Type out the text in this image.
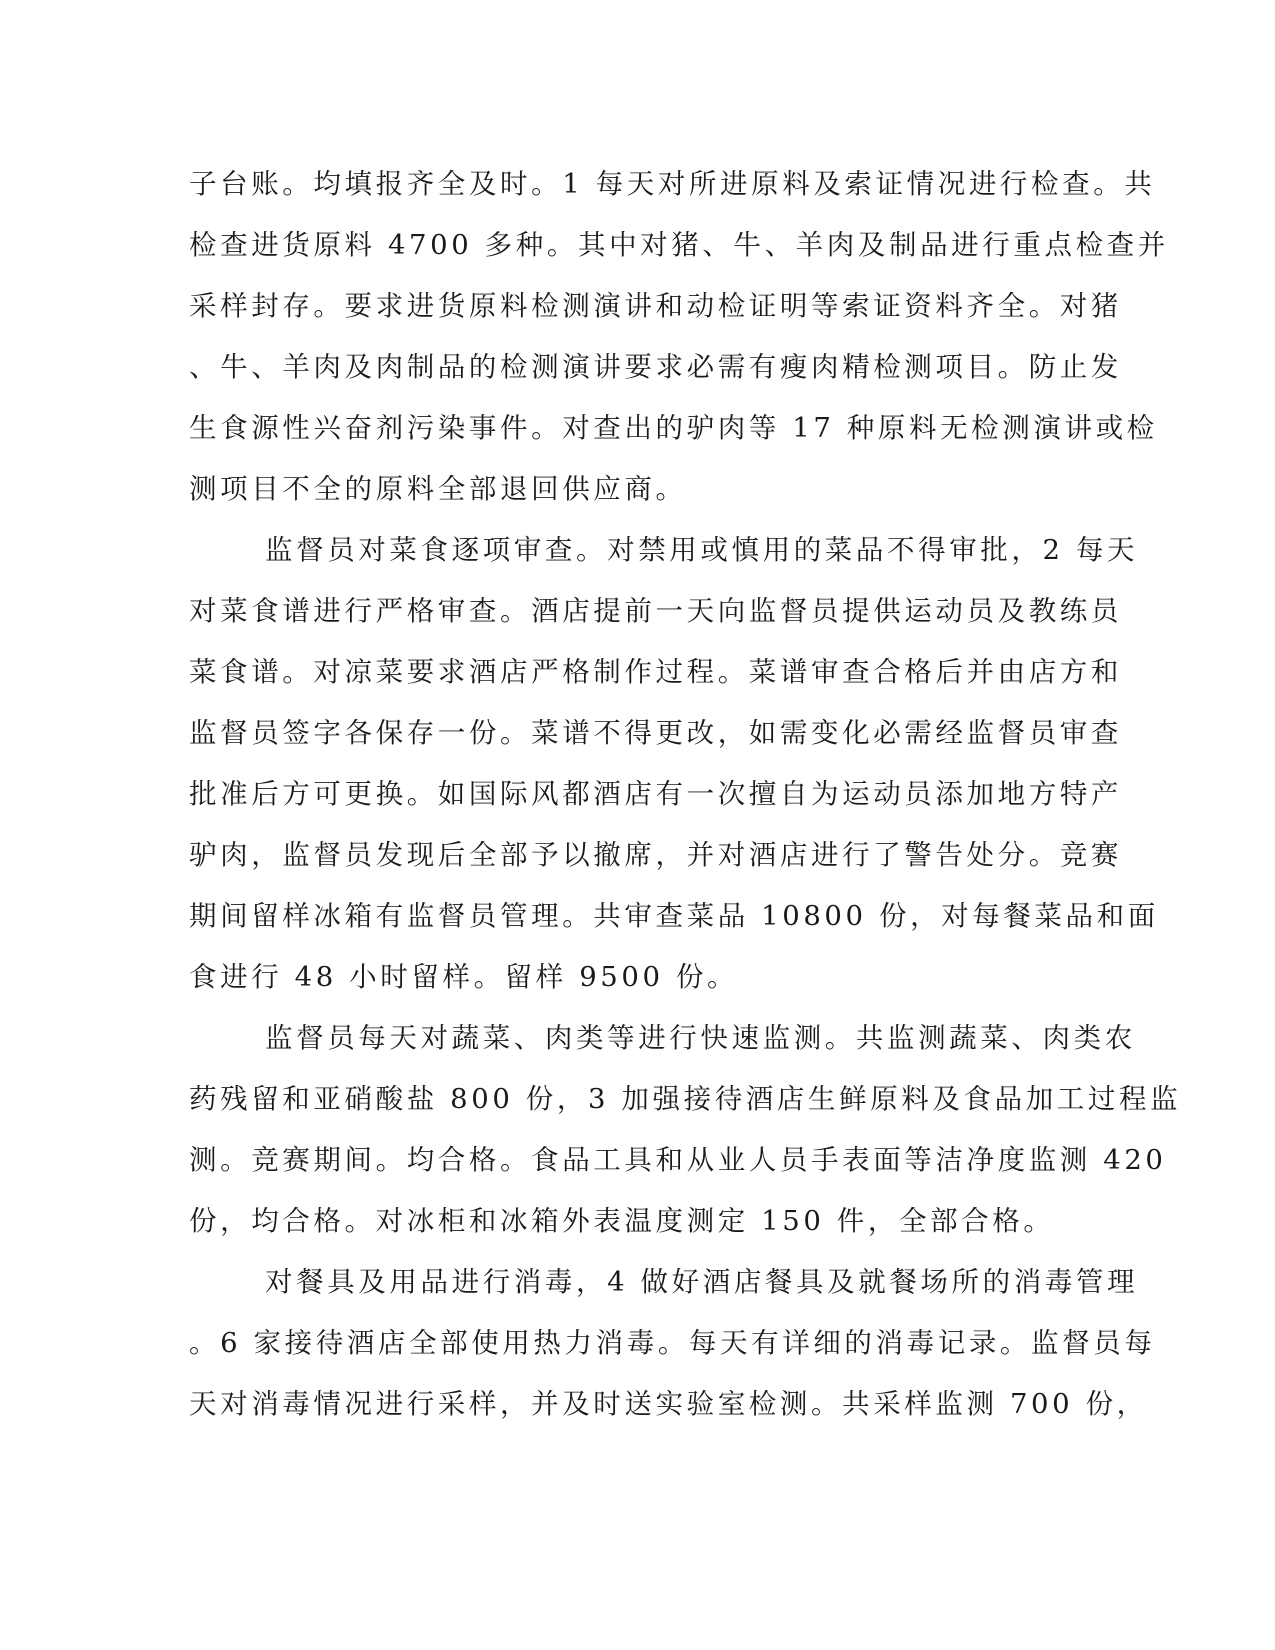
子台账。均填报齐全及时。1 每天对所进原料及索证情况进行检查。共
检查进货原料 4700 多种。其中对猪、牛、羊肉及制品进行重点检查并
采样封存。要求进货原料检测演讲和动检证明等索证资料齐全。对猪
、牛、羊肉及肉制品的检测演讲要求必需有瘦肉精检测项目。防止发
生食源性兴奋剂污染事件。对查出的驴肉等 17 种原料无检测演讲或检
测项目不全的原料全部退回供应商。
监督员对菜食逐项审查。对禁用或慎用的菜品不得审批，2 每天
对菜食谱进行严格审查。酒店提前一天向监督员提供运动员及教练员
菜食谱。对凉菜要求酒店严格制作过程。菜谱审查合格后并由店方和
监督员签字各保存一份。菜谱不得更改，如需变化必需经监督员审查
批准后方可更换。如国际风都酒店有一次擅自为运动员添加地方特产
驴肉，监督员发现后全部予以撤席，并对酒店进行了警告处分。竞赛
期间留样冰箱有监督员管理。共审查菜品 10800 份，对每餐菜品和面
食进行 48 小时留样。留样 9500 份。
监督员每天对蔬菜、肉类等进行快速监测。共监测蔬菜、肉类农
药残留和亚硝酸盐 800 份，3 加强接待酒店生鲜原料及食品加工过程监
测。竞赛期间。均合格。食品工具和从业人员手表面等洁净度监测 420
份，均合格。对冰柜和冰箱外表温度测定 150 件，全部合格。
对餐具及用品进行消毒，4 做好酒店餐具及就餐场所的消毒管理
。6 家接待酒店全部使用热力消毒。每天有详细的消毒记录。监督员每
天对消毒情况进行采样，并及时送实验室检测。共采样监测 700 份，
